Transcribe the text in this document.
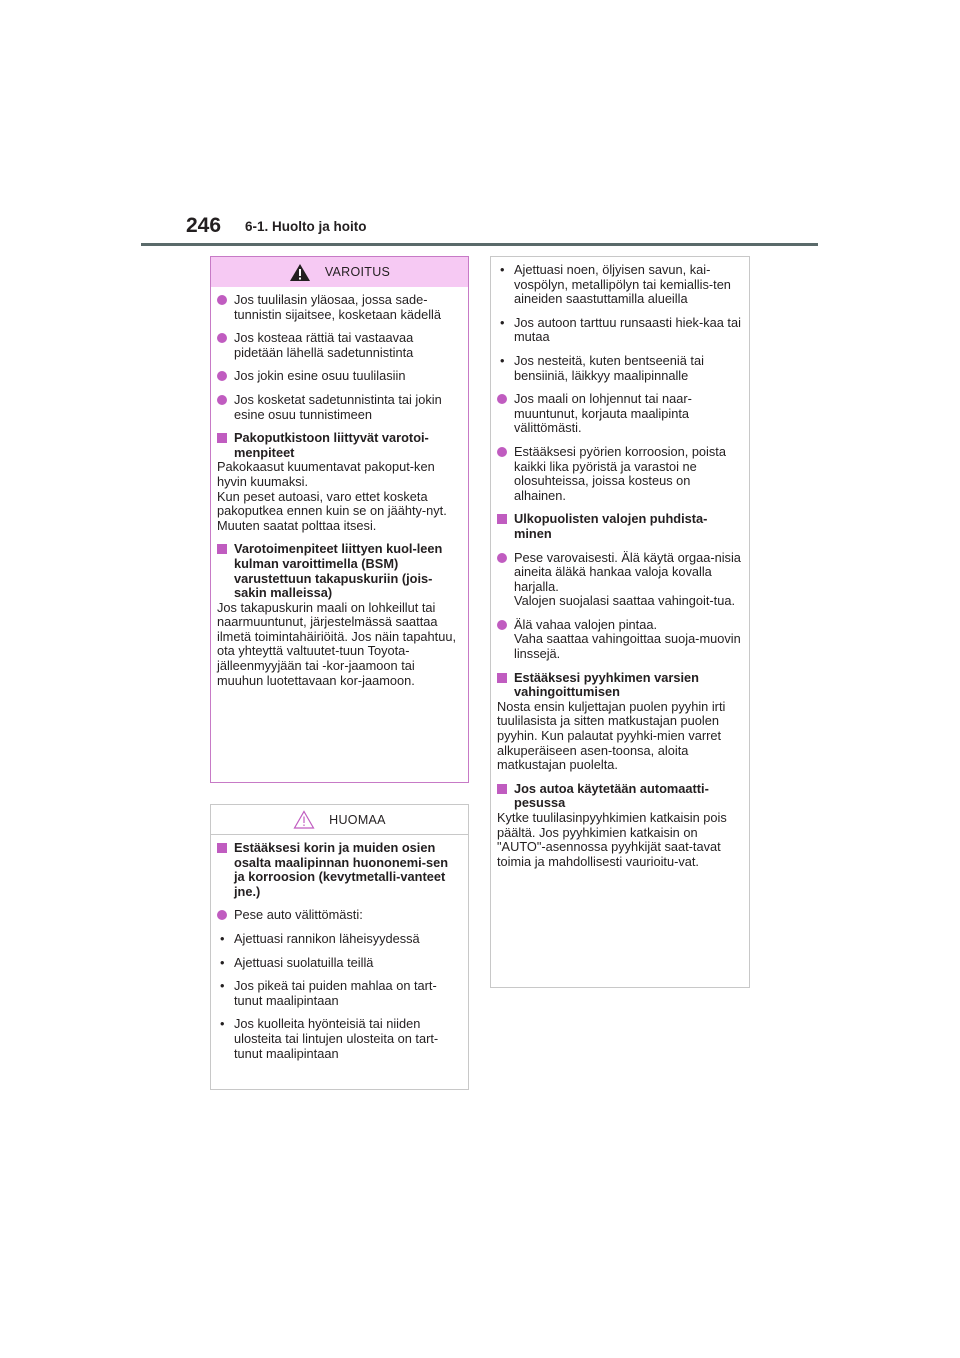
246 6-1. Huolto ja hoito
VAROITUS
Jos tuulilasin yläosaa, jossa sade-tunnistin sijaitsee, kosketaan kädellä
Jos kosteaa rättiä tai vastaavaa pidetään lähellä sadetunnistinta
Jos jokin esine osuu tuulilasiin
Jos kosketat sadetunnistinta tai jokin esine osuu tunnistimeen
Pakoputkistoon liittyvät varotoi-menpiteet
Pakokaasut kuumentavat pakoput-ken hyvin kuumaksi.
Kun peset autoasi, varo ettet kosketa pakoputkea ennen kuin se on jäähty-nyt. Muuten saatat polttaa itsesi.
Varotoimenpiteet liittyen kuol-leen kulman varoittimella (BSM) varustettuun takapuskuriin (jois-sakin malleissa)
Jos takapuskurin maali on lohkeillut tai naarmuuntunut, järjestelmässä saattaa ilmetä toimintahäiriöitä. Jos näin tapahtuu, ota yhteyttä valtuutet-tuun Toyota-jälleenmyyjään tai -kor-jaamoon tai muuhun luotettavaan kor-jaamoon.
HUOMAA
Estääksesi korin ja muiden osien osalta maalipinnan huononemi-sen ja korroosion (kevytmetalli-vanteet jne.)
Pese auto välittömästi:
• Ajettuasi rannikon läheisyydessä
• Ajettuasi suolatuilla teillä
• Jos pikeä tai puiden mahlaa on tart-tunut maalipintaan
• Jos kuolleita hyönteisiä tai niiden ulosteita tai lintujen ulosteita on tart-tunut maalipintaan
• Ajettuasi noen, öljyisen savun, kai-vospölyn, metallipölyn tai kemiallis-ten aineiden saastuttamilla alueilla
• Jos autoon tarttuu runsaasti hiek-kaa tai mutaa
• Jos nesteitä, kuten bentseeniä tai bensiiniä, läikkyy maalipinnalle
Jos maali on lohjennut tai naar-muuntunut, korjauta maalipinta välittömästi.
Estääksesi pyörien korroosion, poista kaikki lika pyöristä ja varastoi ne olosuhteissa, joissa kosteus on alhainen.
Ulkopuolisten valojen puhdista-minen
Pese varovaisesti. Älä käytä orgaa-nisia aineita äläkä hankaa valoja kovalla harjalla.
Valojen suojalasi saattaa vahingoit-tua.
Älä vahaa valojen pintaa.
Vaha saattaa vahingoittaa suoja-muovin linssejä.
Estääksesi pyyhkimen varsien vahingoittumisen
Nosta ensin kuljettajan puolen pyyhin irti tuulilasista ja sitten matkustajan puolen pyyhin. Kun palautat pyyhki-mien varret alkuperäiseen asen-toonsa, aloita matkustajan puolelta.
Jos autoa käytetään automaatti-pesussa
Kytke tuulilasinpyyhkimien katkaisin pois päältä. Jos pyyhkimien katkaisin on "AUTO"-asennossa pyyhkijät saat-tavat toimia ja mahdollisesti vaurioitu-vat.
